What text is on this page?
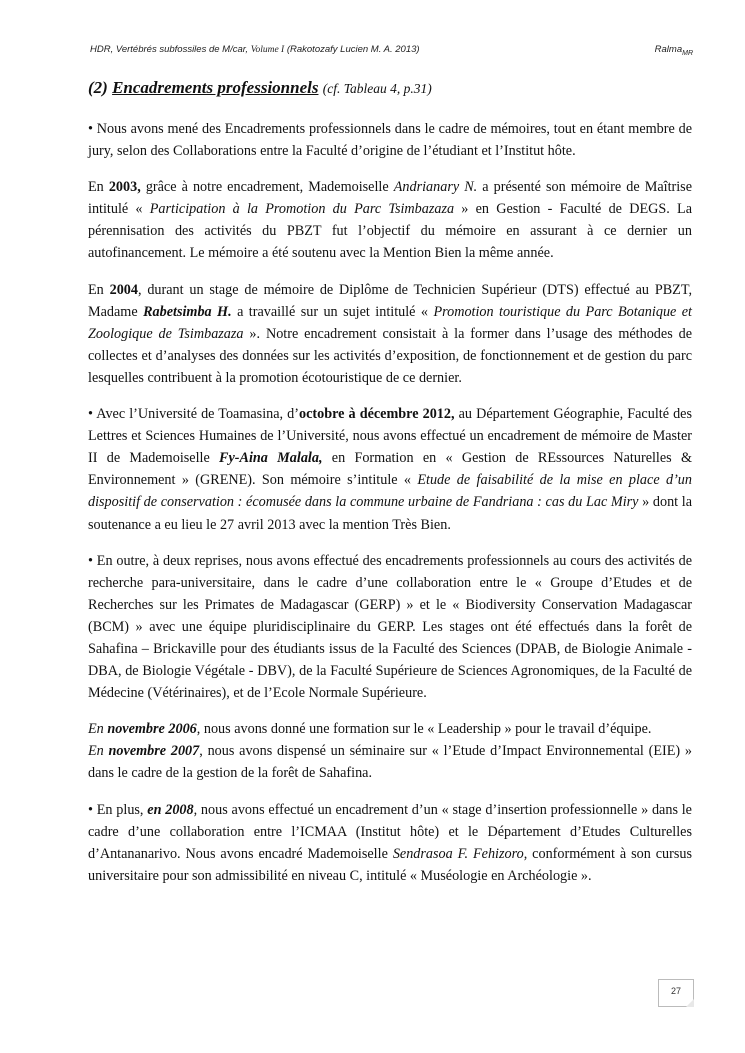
HDR, Vertébrés subfossiles de M/car, Volume I (Rakotozafy Lucien M. A. 2013)	Ralma$_{MR}$
(2) Encadrements professionnels (cf. Tableau 4, p.31)

• Nous avons mené des Encadrements professionnels dans le cadre de mémoires, tout en étant membre de jury, selon des Collaborations entre la Faculté d’origine de l’étudiant et l’Institut hôte.

En 2003, grâce à notre encadrement, Mademoiselle Andrianary N. a présenté son mémoire de Maîtrise intitulé « Participation à la Promotion du Parc Tsimbazaza » en Gestion - Faculté de DEGS. La pérennisation des activités du PBZT fut l’objectif du mémoire en assurant à ce dernier un autofinancement. Le mémoire a été soutenu avec la Mention Bien la même année.

En 2004, durant un stage de mémoire de Diplôme de Technicien Supérieur (DTS) effectué au PBZT, Madame Rabetsimba H. a travaillé sur un sujet intitulé « Promotion touristique du Parc Botanique et Zoologique de Tsimbazaza ». Notre encadrement consistait à la former dans l’usage des méthodes de collectes et d’analyses des données sur les activités d’exposition, de fonctionnement et de gestion du parc lesquelles contribuent à la promotion écotouristique de ce dernier.

• Avec l’Université de Toamasina, d’octobre à décembre 2012, au Département Géographie, Faculté des Lettres et Sciences Humaines de l’Université, nous avons effectué un encadrement de mémoire de Master II de Mademoiselle Fy-Aina Malala, en Formation en « Gestion de REssources Naturelles & Environnement » (GRENE). Son mémoire s’intitule « Etude de faisabilité de la mise en place d’un dispositif de conservation : écomusée dans la commune urbaine de Fandriana : cas du Lac Miry » dont la soutenance a eu lieu le 27 avril 2013 avec la mention Très Bien.

• En outre, à deux reprises, nous avons effectué des encadrements professionnels au cours des activités de recherche para-universitaire, dans le cadre d’une collaboration entre le « Groupe d’Etudes et de Recherches sur les Primates de Madagascar (GERP) » et le « Biodiversity Conservation Madagascar (BCM) » avec une équipe pluridisciplinaire du GERP. Les stages ont été effectués dans la forêt de Sahafina – Brickaville pour des étudiants issus de la Faculté des Sciences (DPAB, de Biologie Animale - DBA, de Biologie Végétale - DBV), de la Faculté Supérieure de Sciences Agronomiques, de la Faculté de Médecine (Vétérinaires), et de l’Ecole Normale Supérieure.

En novembre 2006, nous avons donné une formation sur le « Leadership » pour le travail d’équipe.

En novembre 2007, nous avons dispensé un séminaire sur « l’Etude d’Impact Environnemental (EIE) » dans le cadre de la gestion de la forêt de Sahafina.

• En plus, en 2008, nous avons effectué un encadrement d’un « stage d’insertion professionnelle » dans le cadre d’une collaboration entre l’ICMAA (Institut hôte) et le Département d’Etudes Culturelles d’Antananarivo. Nous avons encadré Mademoiselle Sendrasoa F. Fehizoro, conformément à son cursus universitaire pour son admissibilité en niveau C, intitulé « Muséologie en Archéologie ».

27
